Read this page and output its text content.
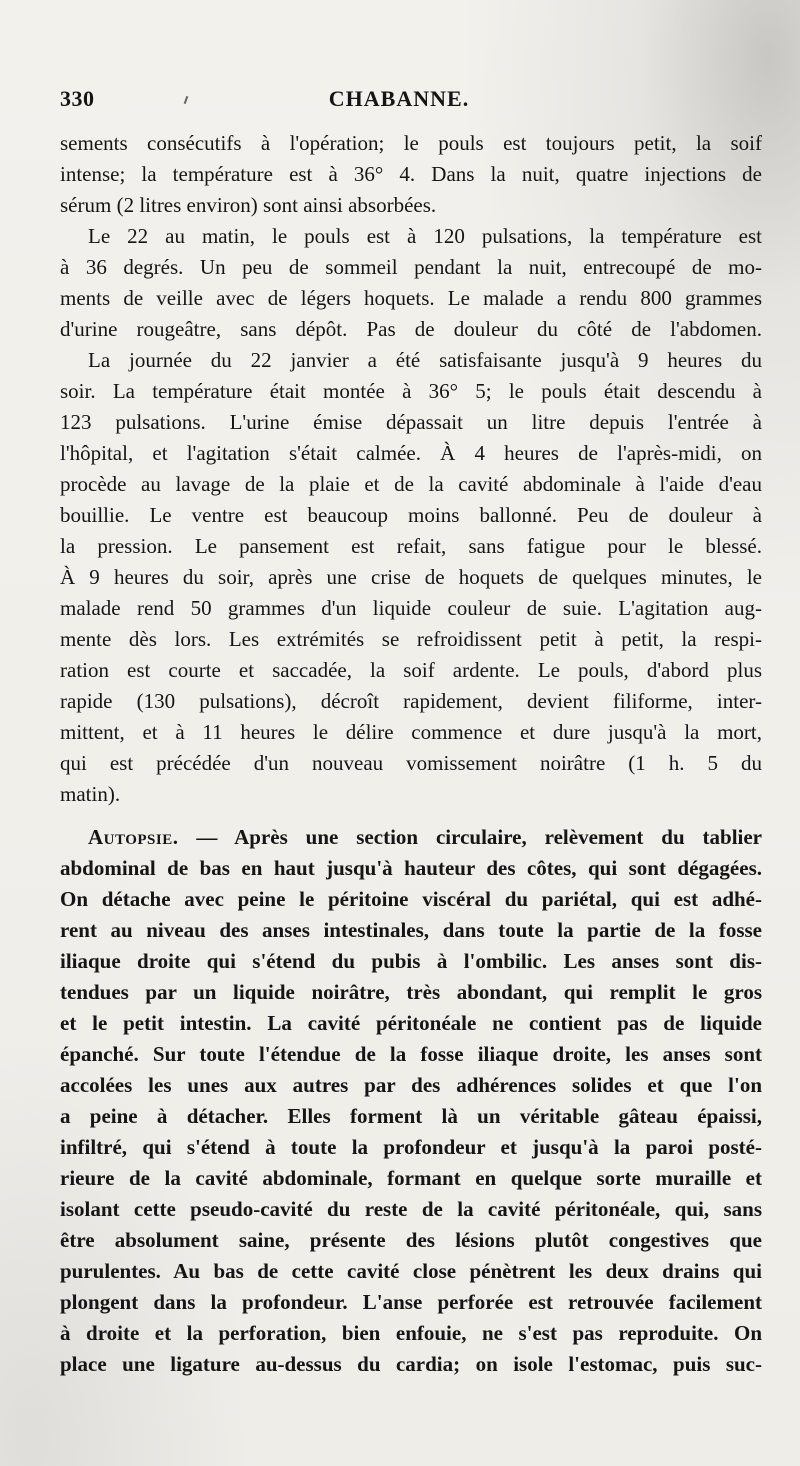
330	CHABANNE.
sements consécutifs à l'opération; le pouls est toujours petit, la soif
intense; la température est à 36° 4. Dans la nuit, quatre injections de
sérum (2 litres environ) sont ainsi absorbées.
Le 22 au matin, le pouls est à 120 pulsations, la température est
à 36 degrés. Un peu de sommeil pendant la nuit, entrecoupé de mo-
ments de veille avec de légers hoquets. Le malade a rendu 800 grammes
d'urine rougeâtre, sans dépôt. Pas de douleur du côté de l'abdomen.
La journée du 22 janvier a été satisfaisante jusqu'à 9 heures du
soir. La température était montée à 36° 5; le pouls était descendu à
123 pulsations. L'urine émise dépassait un litre depuis l'entrée à
l'hôpital, et l'agitation s'était calmée. À 4 heures de l'après-midi, on
procède au lavage de la plaie et de la cavité abdominale à l'aide d'eau
bouillie. Le ventre est beaucoup moins ballonné. Peu de douleur à
la pression. Le pansement est refait, sans fatigue pour le blessé.
À 9 heures du soir, après une crise de hoquets de quelques minutes, le
malade rend 50 grammes d'un liquide couleur de suie. L'agitation aug-
mente dès lors. Les extrémités se refroidissent petit à petit, la respi-
ration est courte et saccadée, la soif ardente. Le pouls, d'abord plus
rapide (130 pulsations), décroît rapidement, devient filiforme, inter-
mittent, et à 11 heures le délire commence et dure jusqu'à la mort,
qui est précédée d'un nouveau vomissement noirâtre (1 h. 5 du
matin).
Autopsie. — Après une section circulaire, relèvement du tablier
abdominal de bas en haut jusqu'à hauteur des côtes, qui sont dégagées.
On détache avec peine le péritoine viscéral du pariétal, qui est adhé-
rent au niveau des anses intestinales, dans toute la partie de la fosse
iliaque droite qui s'étend du pubis à l'ombilic. Les anses sont dis-
tendues par un liquide noirâtre, très abondant, qui remplit le gros
et le petit intestin. La cavité péritonéale ne contient pas de liquide
épanché. Sur toute l'étendue de la fosse iliaque droite, les anses sont
accolées les unes aux autres par des adhérences solides et que l'on
a peine à détacher. Elles forment là un véritable gâteau épaissi,
infiltré, qui s'étend à toute la profondeur et jusqu'à la paroi posté-
rieure de la cavité abdominale, formant en quelque sorte muraille et
isolant cette pseudo-cavité du reste de la cavité péritonéale, qui, sans
être absolument saine, présente des lésions plutôt congestives que
purulentes. Au bas de cette cavité close pénètrent les deux drains qui
plongent dans la profondeur. L'anse perforée est retrouvée facilement
à droite et la perforation, bien enfouie, ne s'est pas reproduite. On
place une ligature au-dessus du cardia; on isole l'estomac, puis suc-
